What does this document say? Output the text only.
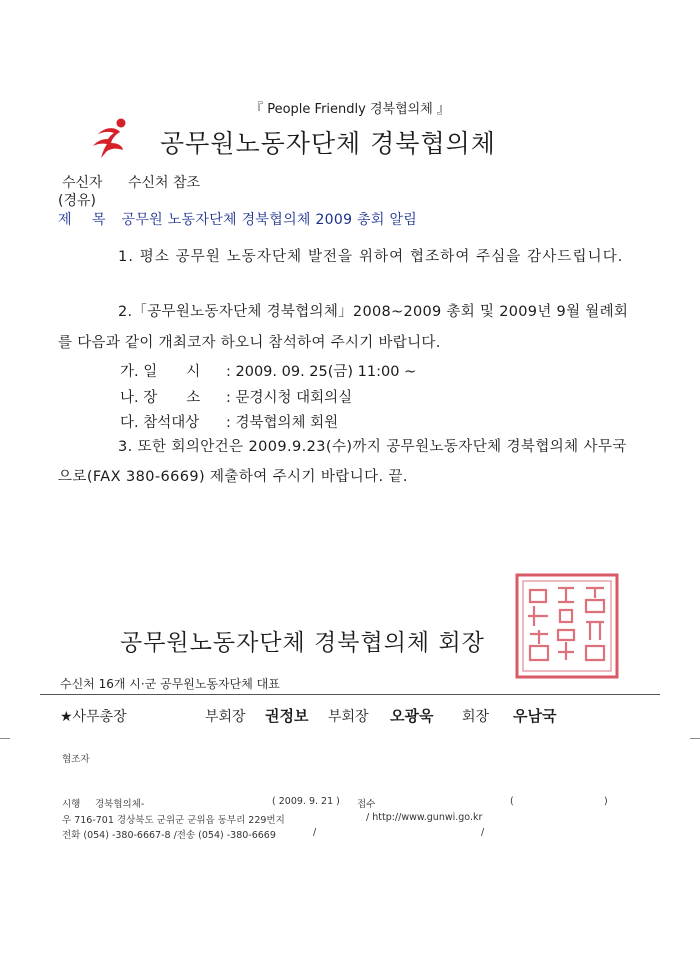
『 People Friendly 경북협의체 』
공무원노동자단체 경북협의체
수신자 수신처 참조
(경유)
제 목 공무원 노동자단체 경북협의체 2009 총회 알림
1. 평소 공무원 노동자단체 발전을 위하여 협조하여 주심을 감사드립니다.
2.「공무원노동자단체 경북협의체」2008~2009 총회 및 2009년 9월 월례회를 다음과 같이 개최코자 하오니 참석하여 주시기 바랍니다.
가. 일　　시 : 2009. 09. 25(금) 11:00 ~
나. 장　　소 : 문경시청 대회의실
다. 참석대상 : 경북협의체 회원
3. 또한 회의안건은 2009.9.23(수)까지 공무원노동자단체 경북협의체 사무국으로(FAX 380-6669) 제출하여 주시기 바랍니다. 끝.
공무원노동자단체 경북협의체 회장
수신처 16개 시·군 공무원노동자단체 대표
★사무총장	부회장 권정보 부회장 오광욱 회장 우남국
협조자
시행 경북협의체-	( 2009. 9. 21 ) 접수	(	)
우 716-701 경상북도 군위군 군위읍 동부리 229번지	/ http://www.gunwi.go.kr
전화 (054) -380-6667-8 /전송 (054) -380-6669	/	/
